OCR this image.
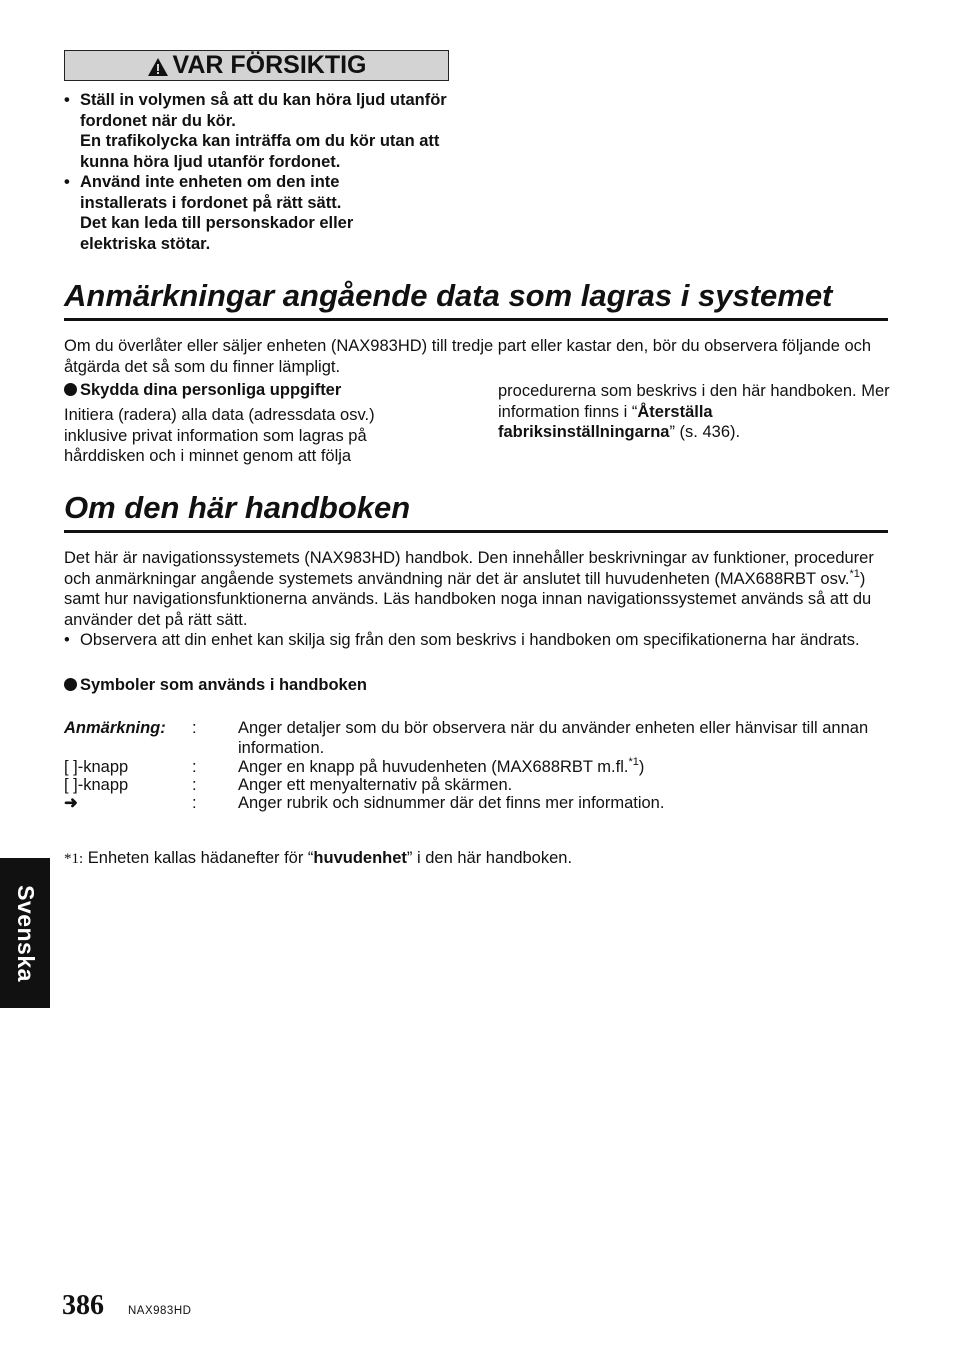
VAR FÖRSIKTIG
• Ställ in volymen så att du kan höra ljud utanför fordonet när du kör.
En trafikolycka kan inträffa om du kör utan att kunna höra ljud utanför fordonet.
• Använd inte enheten om den inte installerats i fordonet på rätt sätt.
Det kan leda till personskador eller elektriska stötar.
Anmärkningar angående data som lagras i systemet
Om du överlåter eller säljer enheten (NAX983HD) till tredje part eller kastar den, bör du observera följande och åtgärda det så som du finner lämpligt.
Skydda dina personliga uppgifter
Initiera (radera) alla data (adressdata osv.) inklusive privat information som lagras på hårddisken och i minnet genom att följa
procedurerna som beskrivs i den här handboken. Mer information finns i “Återställa fabriksinställningarna” (s. 436).
Om den här handboken
Det här är navigationssystemets (NAX983HD) handbok. Den innehåller beskrivningar av funktioner, procedurer och anmärkningar angående systemets användning när det är anslutet till huvudenheten (MAX688RBT osv.$^{*1}$) samt hur navigationsfunktionerna används. Läs handboken noga innan navigationssystemet används så att du använder det på rätt sätt.
• Observera att din enhet kan skilja sig från den som beskrivs i handboken om specifikationerna har ändrats.
Symboler som används i handboken
Anmärkning: :	Anger detaljer som du bör observera när du använder enheten eller hänvisar till annan information.
[ ]-knapp	:	Anger en knapp på huvudenheten (MAX688RBT m.fl.$^{*1}$)
[ ]-knapp	:	Anger ett menyalternativ på skärmen.
➜	:	Anger rubrik och sidnummer där det finns mer information.
*1: Enheten kallas hädanefter för “huvudenhet” i den här handboken.
Svenska
386 NAX983HD
